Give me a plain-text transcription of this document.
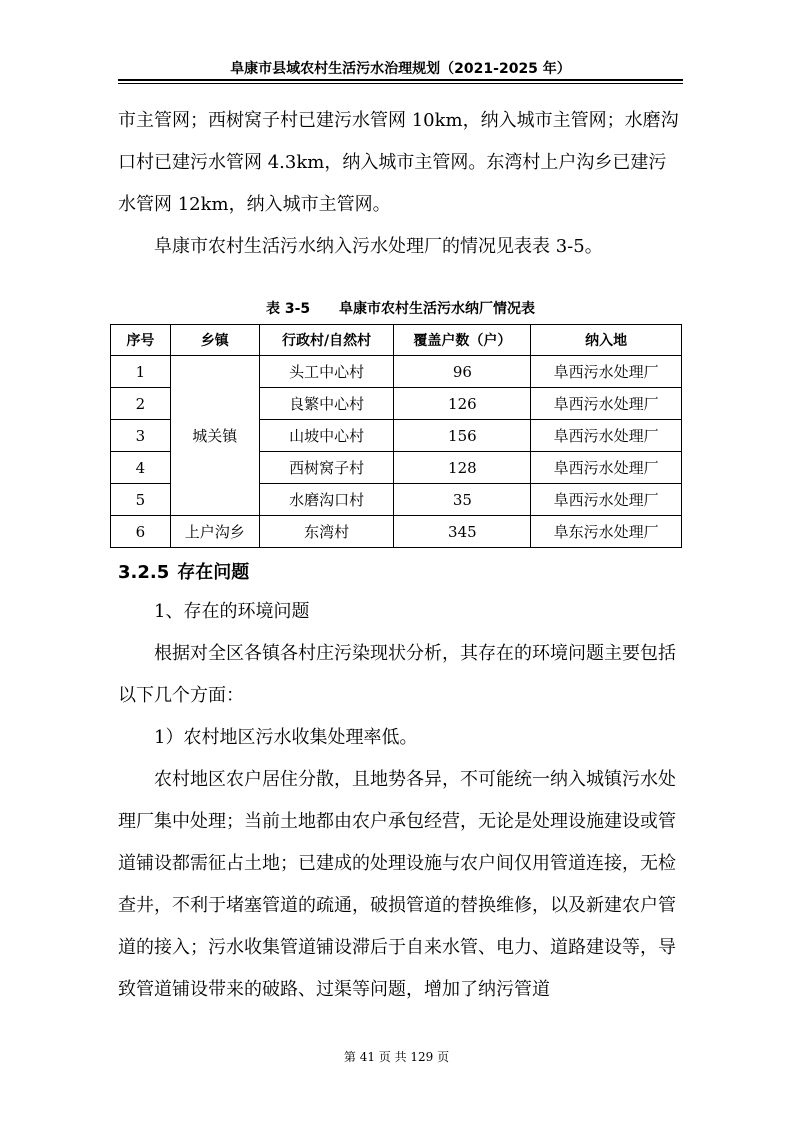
阜康市县域农村生活污水治理规划（2021-2025 年）

市主管网；西树窝子村已建污水管网 10km，纳入城市主管网；水磨沟口村已建污水管网 4.3km，纳入城市主管网。东湾村上户沟乡已建污水管网 12km，纳入城市主管网。

阜康市农村生活污水纳入污水处理厂的情况见表表 3-5。

表 3-5 阜康市农村生活污水纳厂情况表
序号	乡镇	行政村/自然村	覆盖户数（户）	纳入地
1	城关镇	头工中心村	96	阜西污水处理厂
2		良繁中心村	126	阜西污水处理厂
3		山坡中心村	156	阜西污水处理厂
4		西树窝子村	128	阜西污水处理厂
5		水磨沟口村	35	阜西污水处理厂
6	上户沟乡	东湾村	345	阜东污水处理厂
3.2.5 存在问题

1、存在的环境问题

根据对全区各镇各村庄污染现状分析，其存在的环境问题主要包括以下几个方面：

1）农村地区污水收集处理率低。

农村地区农户居住分散，且地势各异，不可能统一纳入城镇污水处理厂集中处理；当前土地都由农户承包经营，无论是处理设施建设或管道铺设都需征占土地；已建成的处理设施与农户间仅用管道连接，无检查井，不利于堵塞管道的疏通，破损管道的替换维修，以及新建农户管道的接入；污水收集管道铺设滞后于自来水管、电力、道路建设等，导致管道铺设带来的破路、过渠等问题，增加了纳污管道

第 41 页 共 129 页
